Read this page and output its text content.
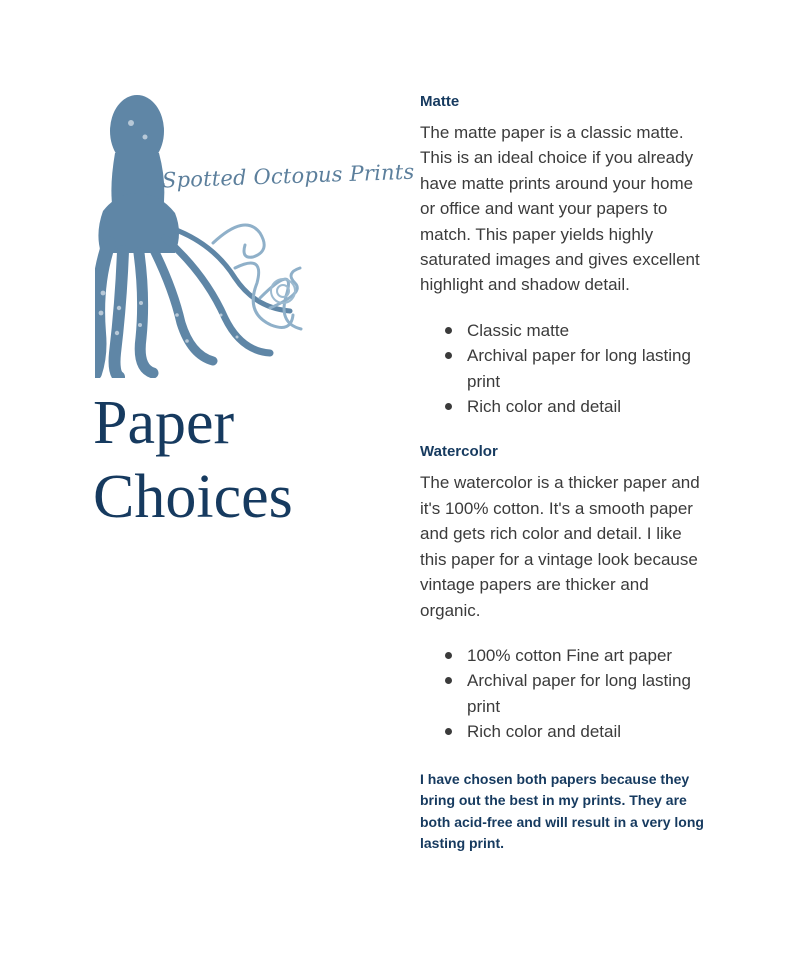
Spotted Octopus Prints
Paper
Choices
Matte

The matte paper is a classic matte. This is an ideal choice if you already have matte prints around your home or office and want your papers to match. This paper yields highly saturated images and gives excellent highlight and shadow detail.

Classic matte
Archival paper for long lasting print
Rich color and detail
Watercolor

The watercolor is a thicker paper and it's 100% cotton. It's a smooth paper and gets rich color and detail. I like this paper for a vintage look because vintage papers are thicker and organic.

100% cotton Fine art paper
Archival paper for long lasting print
Rich color and detail

I have chosen both papers because they bring out the best in my prints. They are both acid-free and will result in a very long lasting print.
